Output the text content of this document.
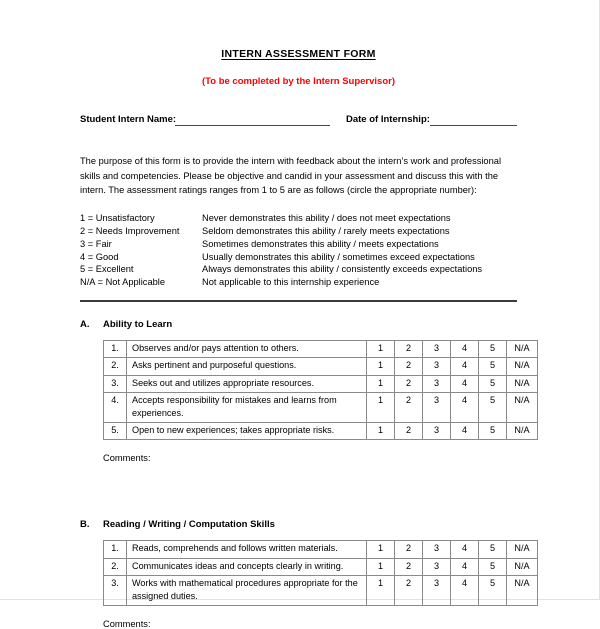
INTERN ASSESSMENT FORM
(To be completed by the Intern Supervisor)
Student Intern Name:	Date of Internship:
The purpose of this form is to provide the intern with feedback about the intern’s work and professional skills and competencies. Please be objective and candid in your assessment and discuss this with the intern. The assessment ratings ranges from 1 to 5 are as follows (circle the appropriate number):
1 = Unsatisfactory	Never demonstrates this ability / does not meet expectations
2 = Needs Improvement	Seldom demonstrates this ability / rarely meets expectations
3 = Fair	Sometimes demonstrates this ability / meets expectations
4 = Good	Usually demonstrates this ability / sometimes exceed expectations
5 = Excellent	Always demonstrates this ability / consistently exceeds expectations
N/A = Not Applicable	Not applicable to this internship experience
A.	Ability to Learn
1.	Observes and/or pays attention to others.	1	2	3	4	5	N/A
2.	Asks pertinent and purposeful questions.	1	2	3	4	5	N/A
3.	Seeks out and utilizes appropriate resources.	1	2	3	4	5	N/A
4.	Accepts responsibility for mistakes and learns from experiences.	1	2	3	4	5	N/A
5.	Open to new experiences; takes appropriate risks.	1	2	3	4	5	N/A
Comments:
B.	Reading / Writing / Computation Skills
1.	Reads, comprehends and follows written materials.	1	2	3	4	5	N/A
2.	Communicates ideas and concepts clearly in writing.	1	2	3	4	5	N/A
3.	Works with mathematical procedures appropriate for the assigned duties.	1	2	3	4	5	N/A
Comments:
